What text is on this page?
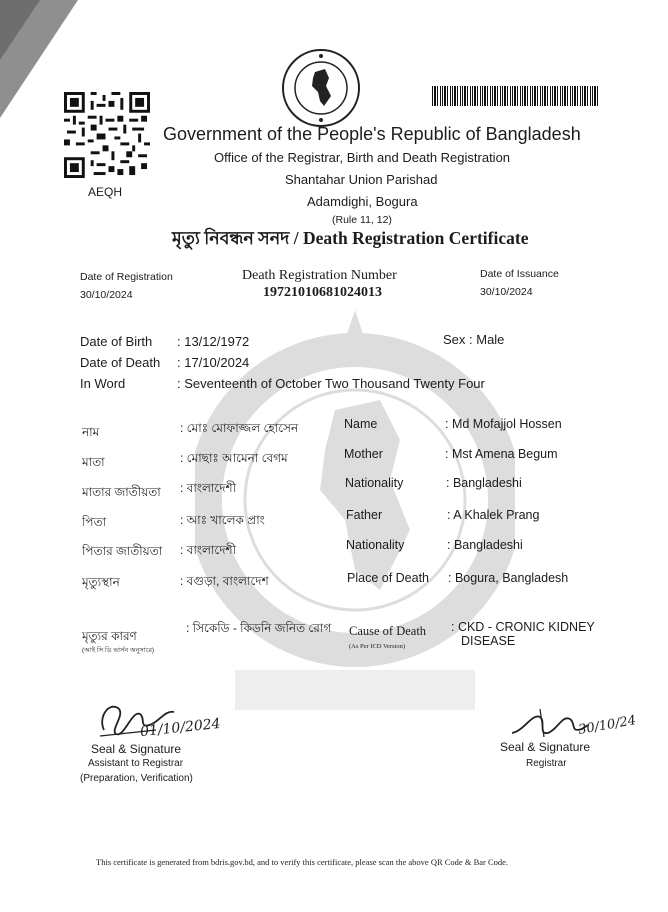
AEQH
Government of the People's Republic of Bangladesh
Office of the Registrar, Birth and Death Registration
Shantahar Union Parishad
Adamdighi, Bogura
(Rule 11, 12)
মৃত্যু নিবন্ধন সনদ / Death Registration Certificate
Date of Registration
30/10/2024
Death Registration Number
19721010681024013
Date of Issuance
30/10/2024
Date of Birth : 13/12/1972	Sex : Male
Date of Death : 17/10/2024
In Word	: Seventeenth of October Two Thousand Twenty Four
নাম	: মোঃ মোফাজ্জল হোসেন
মাতা	: মোছাঃ আমেনা বেগম
মাতার জাতীয়তা : বাংলাদেশী
পিতা	: আঃ খালেক প্রাং
পিতার জাতীয়তা : বাংলাদেশী
মৃত্যুস্থান	: বগুড়া, বাংলাদেশ
মৃত্যুর কারণ
(আই সি ডি ভার্সন অনুসারে)
: সিকেডি - কিডনি জনিত রোগ
Name	: Md Mofajjol Hossen
Mother	: Mst Amena Begum
Nationality	: Bangladeshi
Father	: A Khalek Prang
Nationality	: Bangladeshi
Place of Death : Bogura, Bangladesh
Cause of Death
(As Per ICD Version)
: CKD - CRONIC KIDNEY
DISEASE
01/10/2024
Seal & Signature
Assistant to Registrar
(Preparation, Verification)
30/10/24
Seal & Signature
Registrar
This certificate is generated from bdris.gov.bd, and to verify this certificate, please scan the above QR Code & Bar Code.
